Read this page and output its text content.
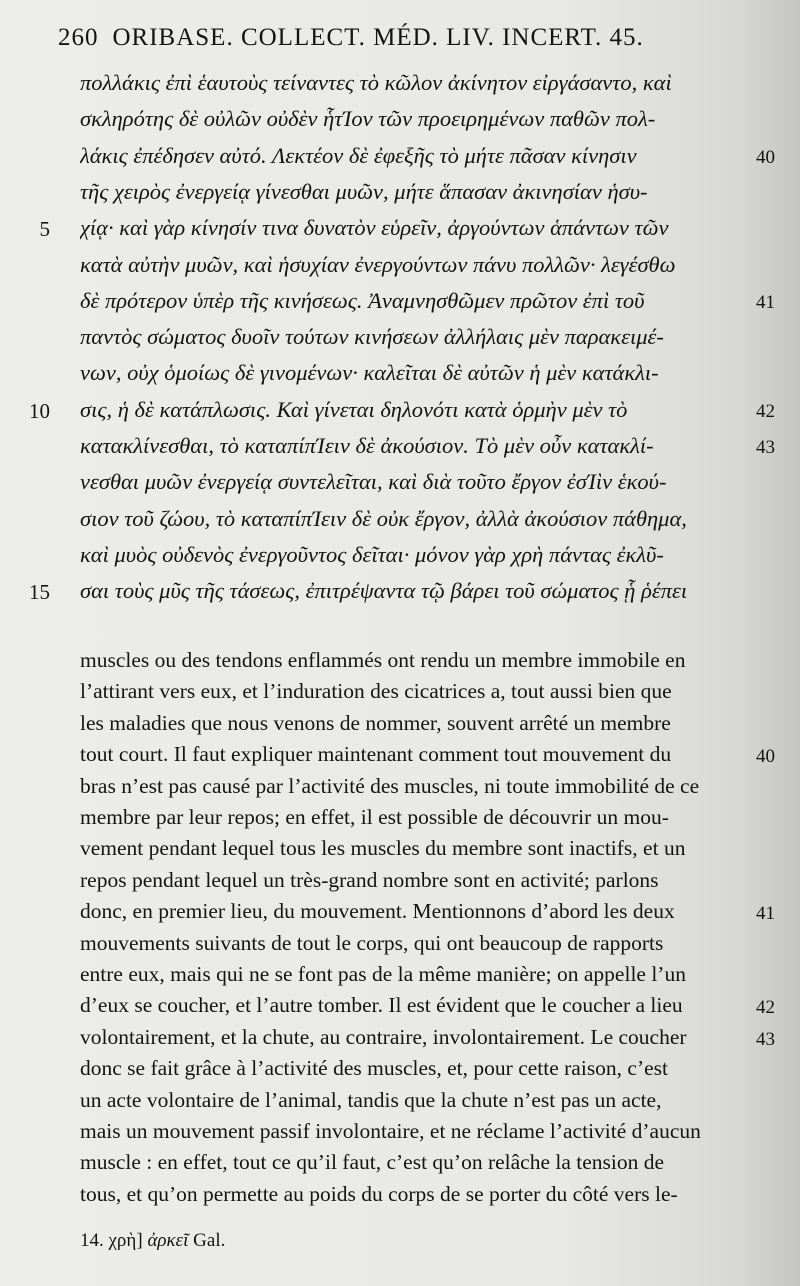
260 ORIBASE. COLLECT. MÉD. LIV. INCERT. 45.
πολλάκις ἐπὶ ἑαυτοὺς τείναντες τὸ κῶλον ἀκίνητον εἰργάσαντο, καὶ
σκληρότης δὲ οὐλῶν οὐδὲν ἧτΊον τῶν προειρημένων παθῶν πολ-
λάκις ἐπέδησεν αὐτό. Λεκτέον δὲ ἐφεξῆς τὸ μήτε πᾶσαν κίνησιν	40
τῆς χειρὸς ἐνεργείᾳ γίνεσθαι μυῶν, μήτε ἅπασαν ἀκινησίαν ἡσυ-
χίᾳ· καὶ γὰρ κίνησίν τινα δυνατὸν εὑρεῖν, ἀργούντων ἁπάντων τῶν
5
κατὰ αὐτὴν μυῶν, καὶ ἡσυχίαν ἐνεργούντων πάνυ πολλῶν· λεγέσθω
δὲ πρότερον ὑπὲρ τῆς κινήσεως. Ἀναμνησθῶμεν πρῶτον ἐπὶ τοῦ	41
παντὸς σώματος δυοῖν τούτων κινήσεων ἀλλήλαις μὲν παρακειμέ-
νων, οὐχ ὁμοίως δὲ γινομένων· καλεῖται δὲ αὐτῶν ἡ μὲν κατάκλι-
σις, ἡ δὲ κατάπλωσις. Καὶ γίνεται δηλονότι κατὰ ὁρμὴν μὲν τὸ
10	42
κατακλίνεσθαι, τὸ καταπίπΊειν δὲ ἀκούσιον. Τὸ μὲν οὖν κατακλί-	43
νεσθαι μυῶν ἐνεργείᾳ συντελεῖται, καὶ διὰ τοῦτο ἔργον ἐσΊὶν ἑκού-
σιον τοῦ ζώου, τὸ καταπίπΊειν δὲ οὐκ ἔργον, ἀλλὰ ἀκούσιον πάθημα,
καὶ μυὸς οὐδενὸς ἐνεργοῦντος δεῖται· μόνον γὰρ χρὴ πάντας ἐκλῦ-
σαι τοὺς μῦς τῆς τάσεως, ἐπιτρέψαντα τῷ βάρει τοῦ σώματος ᾗ ῥέπει
15
muscles ou des tendons enflammés ont rendu un membre immobile en
l’attirant vers eux, et l’induration des cicatrices a, tout aussi bien que
les maladies que nous venons de nommer, souvent arrêté un membre
tout court. Il faut expliquer maintenant comment tout mouvement du	40
bras n’est pas causé par l’activité des muscles, ni toute immobilité de ce
membre par leur repos; en effet, il est possible de découvrir un mou-
vement pendant lequel tous les muscles du membre sont inactifs, et un
repos pendant lequel un très-grand nombre sont en activité; parlons
donc, en premier lieu, du mouvement. Mentionnons d’abord les deux	41
mouvements suivants de tout le corps, qui ont beaucoup de rapports
entre eux, mais qui ne se font pas de la même manière; on appelle l’un
d’eux se coucher, et l’autre tomber. Il est évident que le coucher a lieu	42
volontairement, et la chute, au contraire, involontairement. Le coucher	43
donc se fait grâce à l’activité des muscles, et, pour cette raison, c’est
un acte volontaire de l’animal, tandis que la chute n’est pas un acte,
mais un mouvement passif involontaire, et ne réclame l’activité d’aucun
muscle : en effet, tout ce qu’il faut, c’est qu’on relâche la tension de
tous, et qu’on permette au poids du corps de se porter du côté vers le-
14. χρὴ] ἀρκεῖ Gal.
